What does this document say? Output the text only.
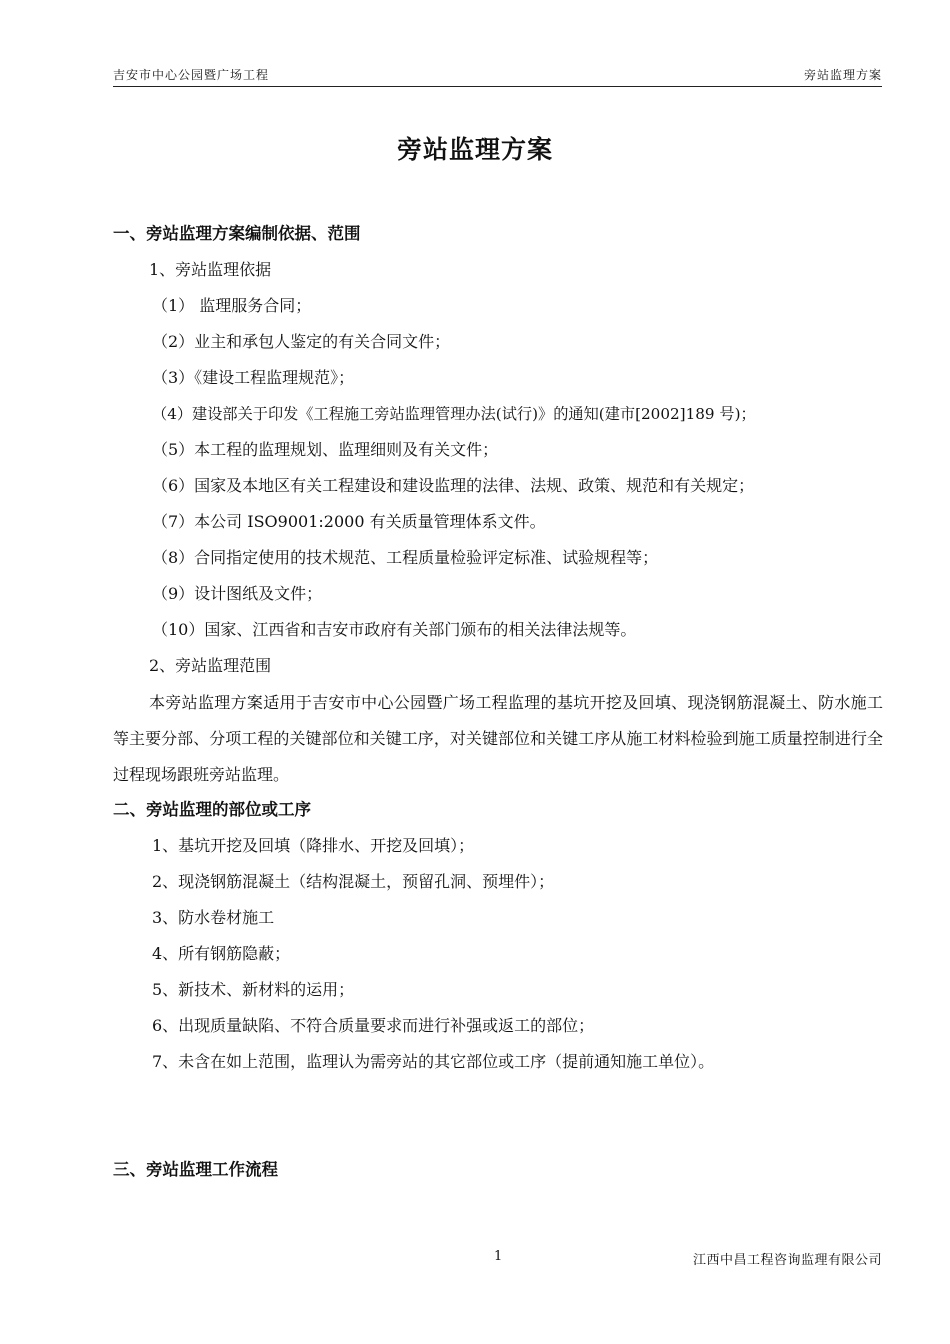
吉安市中心公园暨广场工程	旁站监理方案
旁站监理方案
一、旁站监理方案编制依据、范围
1、旁站监理依据
（1） 监理服务合同；
（2）业主和承包人鉴定的有关合同文件；
（3）《建设工程监理规范》；
（4）建设部关于印发《工程施工旁站监理管理办法(试行)》的通知(建市[2002]189 号)；
（5）本工程的监理规划、监理细则及有关文件；
（6）国家及本地区有关工程建设和建设监理的法律、法规、政策、规范和有关规定；
（7）本公司 ISO9001:2000 有关质量管理体系文件。
（8）合同指定使用的技术规范、工程质量检验评定标准、试验规程等；
（9）设计图纸及文件；
（10）国家、江西省和吉安市政府有关部门颁布的相关法律法规等。
2、旁站监理范围
本旁站监理方案适用于吉安市中心公园暨广场工程监理的基坑开挖及回填、现浇钢筋混凝土、防水施工等主要分部、分项工程的关键部位和关键工序，对关键部位和关键工序从施工材料检验到施工质量控制进行全过程现场跟班旁站监理。
二、旁站监理的部位或工序
1、基坑开挖及回填（降排水、开挖及回填）；
2、现浇钢筋混凝土（结构混凝土，预留孔洞、预埋件）；
3、防水卷材施工
4、所有钢筋隐蔽；
5、新技术、新材料的运用；
6、出现质量缺陷、不符合质量要求而进行补强或返工的部位；
7、未含在如上范围，监理认为需旁站的其它部位或工序（提前通知施工单位）。
三、旁站监理工作流程
1	江西中昌工程咨询监理有限公司
